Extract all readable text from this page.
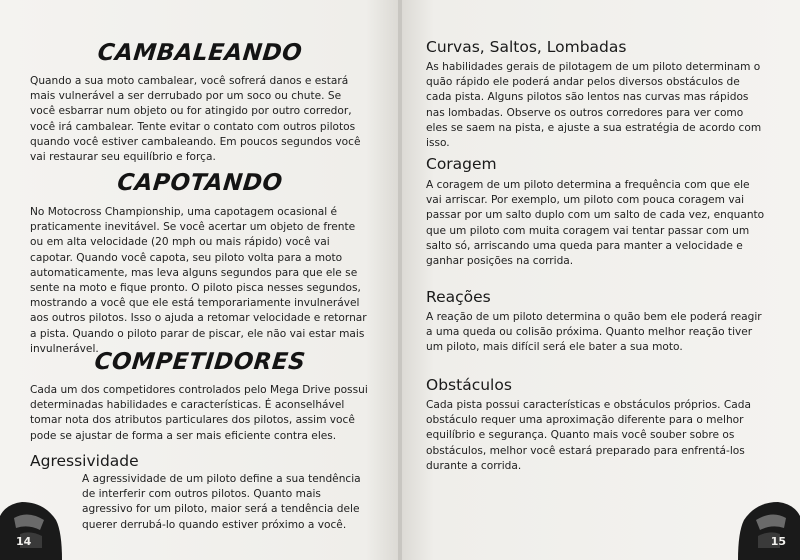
CAMBALEANDO

Quando a sua moto cambalear, você sofrerá danos e estará mais vulnerável a ser derrubado por um soco ou chute. Se você esbarrar num objeto ou for atingido por outro corredor, você irá cambalear. Tente evitar o contato com outros pilotos quando você estiver cambaleando. Em poucos segundos você vai restaurar seu equilíbrio e força.

CAPOTANDO

No Motocross Championship, uma capotagem ocasional é praticamente inevitável. Se você acertar um objeto de frente ou em alta velocidade (20 mph ou mais rápido) você vai capotar. Quando você capota, seu piloto volta para a moto automaticamente, mas leva alguns segundos para que ele se sente na moto e fique pronto. O piloto pisca nesses segundos, mostrando a você que ele está temporariamente invulnerável aos outros pilotos. Isso o ajuda a retomar velocidade e retornar a pista. Quando o piloto parar de piscar, ele não vai estar mais invulnerável.

COMPETIDORES

Cada um dos competidores controlados pelo Mega Drive possui determinadas habilidades e características. É aconselhável tomar nota dos atributos particulares dos pilotos, assim você pode se ajustar de forma a ser mais eficiente contra eles.

Agressividade

A agressividade de um piloto define a sua tendência de interferir com outros pilotos. Quanto mais agressivo for um piloto, maior será a tendência dele querer derrubá-lo quando estiver próximo a você.

14
Curvas, Saltos, Lombadas

As habilidades gerais de pilotagem de um piloto determinam o quão rápido ele poderá andar pelos diversos obstáculos de cada pista. Alguns pilotos são lentos nas curvas mas rápidos nas lombadas. Observe os outros corredores para ver como eles se saem na pista, e ajuste a sua estratégia de acordo com isso.

Coragem

A coragem de um piloto determina a frequência com que ele vai arriscar. Por exemplo, um piloto com pouca coragem vai passar por um salto duplo com um salto de cada vez, enquanto que um piloto com muita coragem vai tentar passar com um salto só, arriscando uma queda para manter a velocidade e ganhar posições na corrida.

Reações

A reação de um piloto determina o quão bem ele poderá reagir a uma queda ou colisão próxima. Quanto melhor reação tiver um piloto, mais difícil será ele bater a sua moto.

Obstáculos

Cada pista possui características e obstáculos próprios. Cada obstáculo requer uma aproximação diferente para o melhor equilíbrio e segurança. Quanto mais você souber sobre os obstáculos, melhor você estará preparado para enfrentá-los durante a corrida.

15
